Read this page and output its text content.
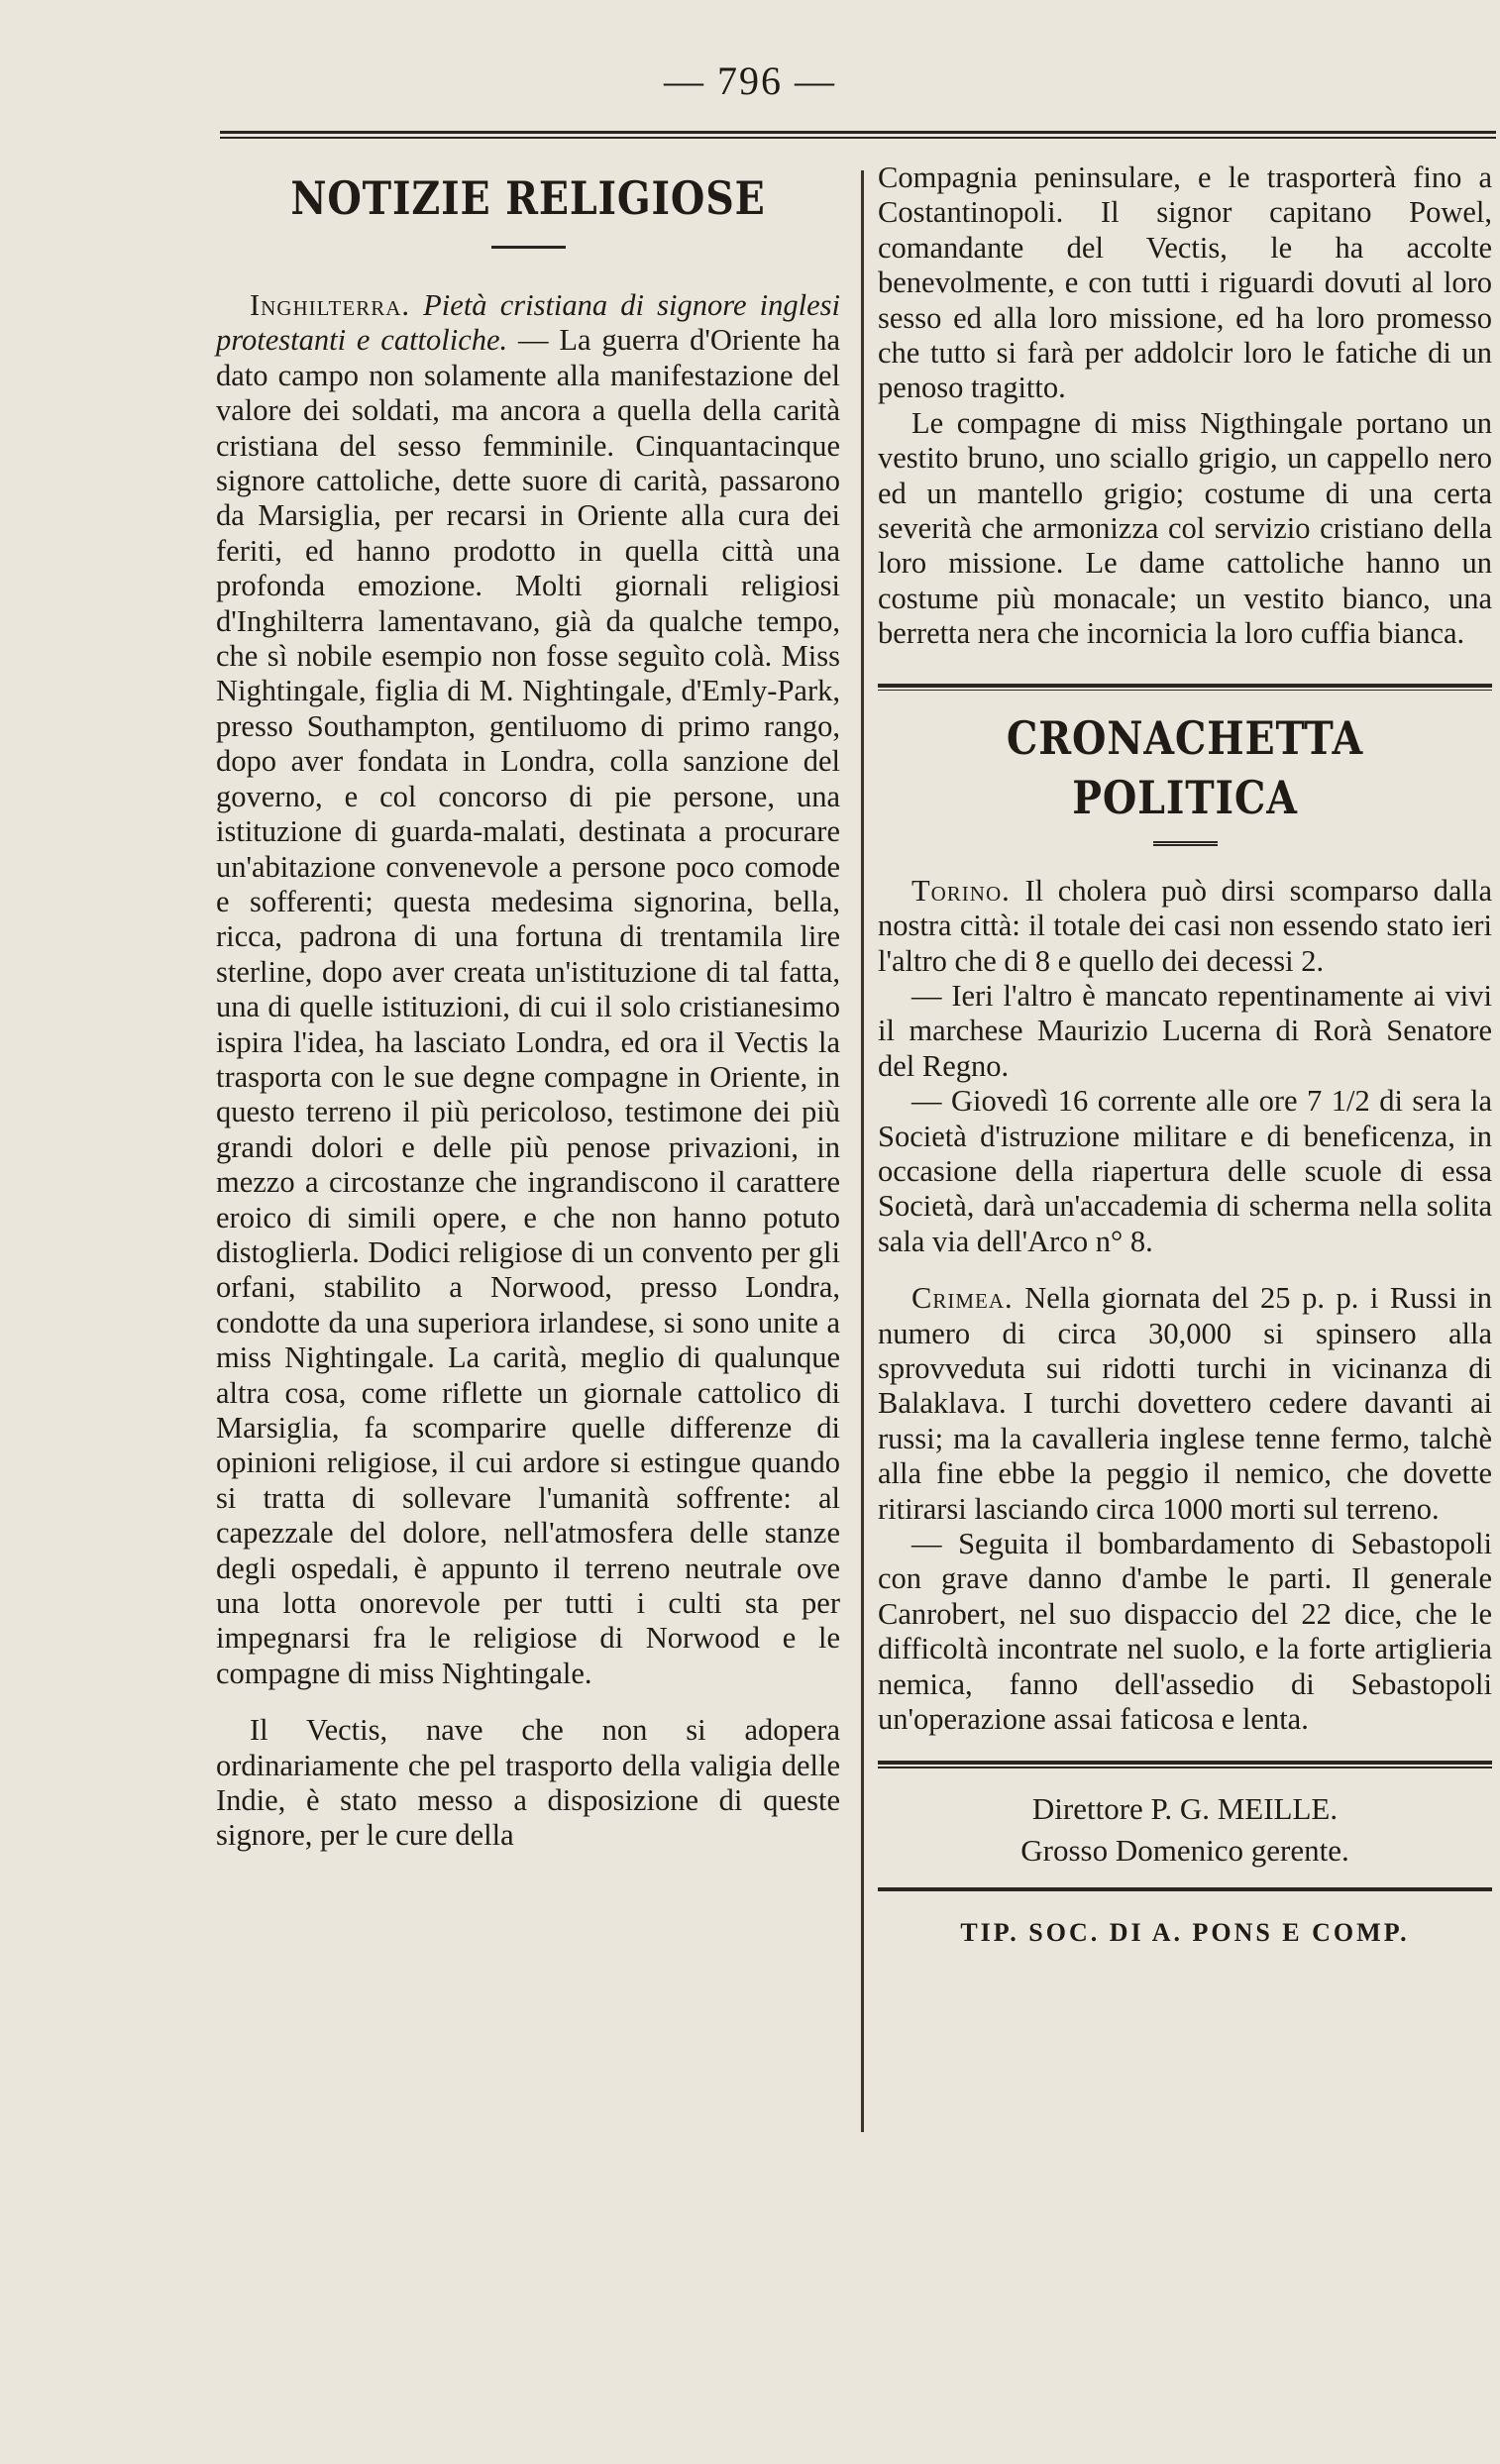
— 796 —
NOTIZIE RELIGIOSE

Inghilterra. Pietà cristiana di signore inglesi protestanti e cattoliche. — La guerra d'Oriente ha dato campo non solamente alla manifestazione del valore dei soldati, ma ancora a quella della carità cristiana del sesso femminile. Cinquantacinque signore cattoliche, dette suore di carità, passarono da Marsiglia, per recarsi in Oriente alla cura dei feriti, ed hanno prodotto in quella città una profonda emozione. Molti giornali religiosi d'Inghilterra lamentavano, già da qualche tempo, che sì nobile esempio non fosse seguìto colà. Miss Nightingale, figlia di M. Nightingale, d'Emly-Park, presso Southampton, gentiluomo di primo rango, dopo aver fondata in Londra, colla sanzione del governo, e col concorso di pie persone, una istituzione di guarda-malati, destinata a procurare un'abitazione convenevole a persone poco comode e sofferenti; questa medesima signorina, bella, ricca, padrona di una fortuna di trentamila lire sterline, dopo aver creata un'istituzione di tal fatta, una di quelle istituzioni, di cui il solo cristianesimo ispira l'idea, ha lasciato Londra, ed ora il Vectis la trasporta con le sue degne compagne in Oriente, in questo terreno il più pericoloso, testimone dei più grandi dolori e delle più penose privazioni, in mezzo a circostanze che ingrandiscono il carattere eroico di simili opere, e che non hanno potuto distoglierla. Dodici religiose di un convento per gli orfani, stabilito a Norwood, presso Londra, condotte da una superiora irlandese, si sono unite a miss Nightingale. La carità, meglio di qualunque altra cosa, come riflette un giornale cattolico di Marsiglia, fa scomparire quelle differenze di opinioni religiose, il cui ardore si estingue quando si tratta di sollevare l'umanità soffrente: al capezzale del dolore, nell'atmosfera delle stanze degli ospedali, è appunto il terreno neutrale ove una lotta onorevole per tutti i culti sta per impegnarsi fra le religiose di Norwood e le compagne di miss Nightingale.

Il Vectis, nave che non si adopera ordinariamente che pel trasporto della valigia delle Indie, è stato messo a disposizione di queste signore, per le cure della

Compagnia peninsulare, e le trasporterà fino a Costantinopoli. Il signor capitano Powel, comandante del Vectis, le ha accolte benevolmente, e con tutti i riguardi dovuti al loro sesso ed alla loro missione, ed ha loro promesso che tutto si farà per addolcir loro le fatiche di un penoso tragitto.

Le compagne di miss Nigthingale portano un vestito bruno, uno sciallo grigio, un cappello nero ed un mantello grigio; costume di una certa severità che armonizza col servizio cristiano della loro missione. Le dame cattoliche hanno un costume più monacale; un vestito bianco, una berretta nera che incornicia la loro cuffia bianca.

CRONACHETTA POLITICA

Torino. Il cholera può dirsi scomparso dalla nostra città: il totale dei casi non essendo stato ieri l'altro che di 8 e quello dei decessi 2.

— Ieri l'altro è mancato repentinamente ai vivi il marchese Maurizio Lucerna di Rorà Senatore del Regno.

— Giovedì 16 corrente alle ore 7 1/2 di sera la Società d'istruzione militare e di beneficenza, in occasione della riapertura delle scuole di essa Società, darà un'accademia di scherma nella solita sala via dell'Arco n° 8.

Crimea. Nella giornata del 25 p. p. i Russi in numero di circa 30,000 si spinsero alla sprovveduta sui ridotti turchi in vicinanza di Balaklava. I turchi dovettero cedere davanti ai russi; ma la cavalleria inglese tenne fermo, talchè alla fine ebbe la peggio il nemico, che dovette ritirarsi lasciando circa 1000 morti sul terreno.

— Seguita il bombardamento di Sebastopoli con grave danno d'ambe le parti. Il generale Canrobert, nel suo dispaccio del 22 dice, che le difficoltà incontrate nel suolo, e la forte artiglieria nemica, fanno dell'assedio di Sebastopoli un'operazione assai faticosa e lenta.

Direttore P. G. MEILLE.
Grosso Domenico gerente.
TIP. SOC. DI A. PONS E COMP.
